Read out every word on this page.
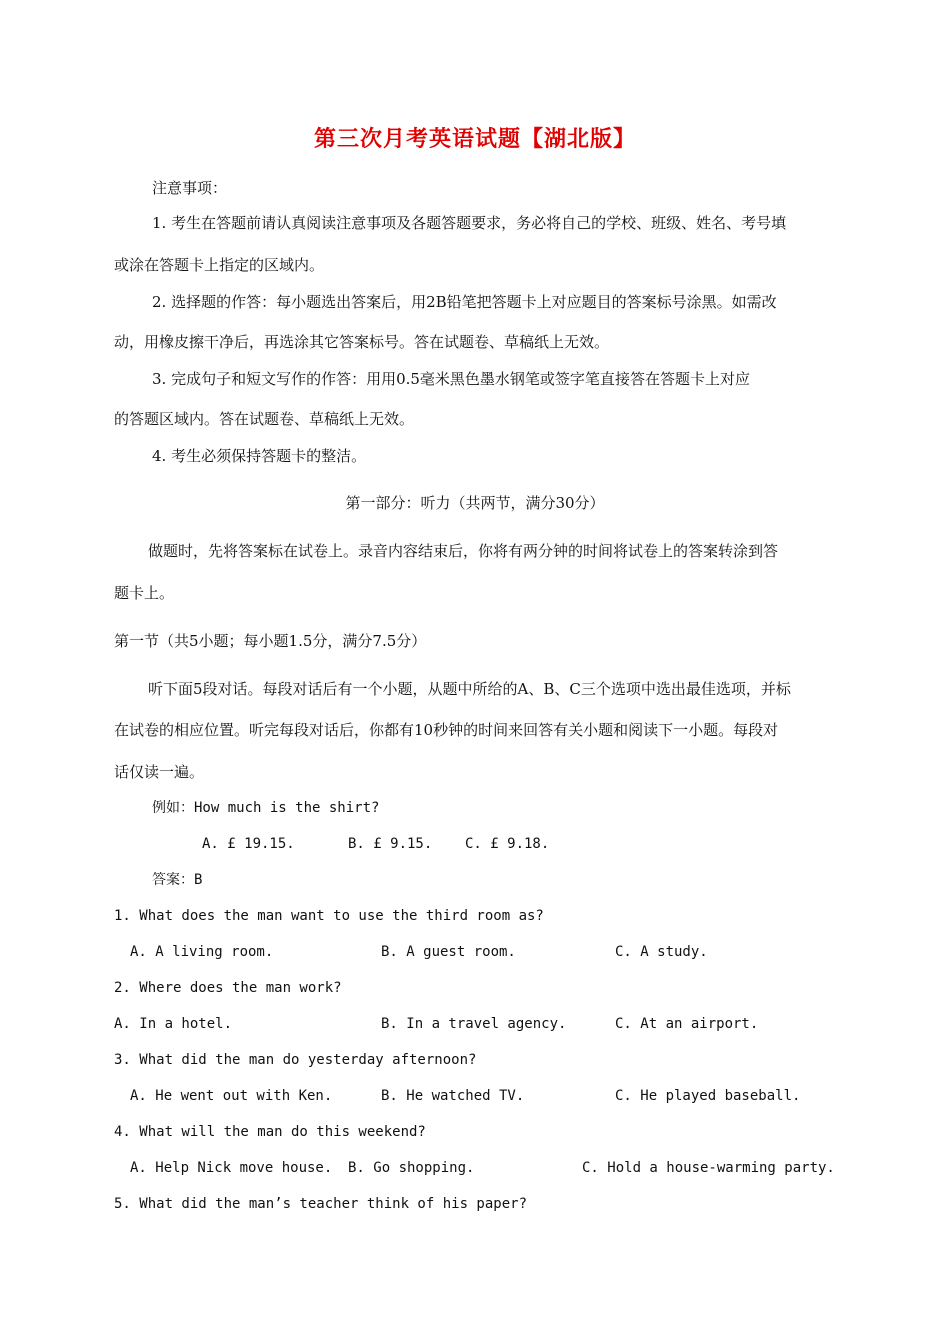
第三次月考英语试题【湖北版】
注意事项：
1. 考生在答题前请认真阅读注意事项及各题答题要求，务必将自己的学校、班级、姓名、考号填
或涂在答题卡上指定的区域内。
2. 选择题的作答：每小题选出答案后，用2B铅笔把答题卡上对应题目的答案标号涂黑。如需改
动，用橡皮擦干净后，再选涂其它答案标号。答在试题卷、草稿纸上无效。
3. 完成句子和短文写作的作答：用用0.5毫米黑色墨水钢笔或签字笔直接答在答题卡上对应
的答题区域内。答在试题卷、草稿纸上无效。
4. 考生必须保持答题卡的整洁。
第一部分：听力（共两节，满分30分）
做题时，先将答案标在试卷上。录音内容结束后，你将有两分钟的时间将试卷上的答案转涂到答
题卡上。
第一节（共5小题；每小题1.5分，满分7.5分）
听下面5段对话。每段对话后有一个小题，从题中所给的A、B、C三个选项中选出最佳选项，并标
在试卷的相应位置。听完每段对话后，你都有10秒钟的时间来回答有关小题和阅读下一小题。每段对
话仅读一遍。
例如：How much is the shirt?
A. £ 19.15.	B. £ 9.15. C. £ 9.18.
答案：B
1. What does the man want to use the third room as?
A. A living room.	B. A guest room.	C. A study.
2. Where does the man work?
A. In a hotel.	B. In a travel agency.	C. At an airport.
3. What did the man do yesterday afternoon?
A. He went out with Ken.	B. He watched TV.	C. He played baseball.
4. What will the man do this weekend?
A. Help Nick move house. B. Go shopping.	C. Hold a house-warming party.
5. What did the man’s teacher think of his paper?
